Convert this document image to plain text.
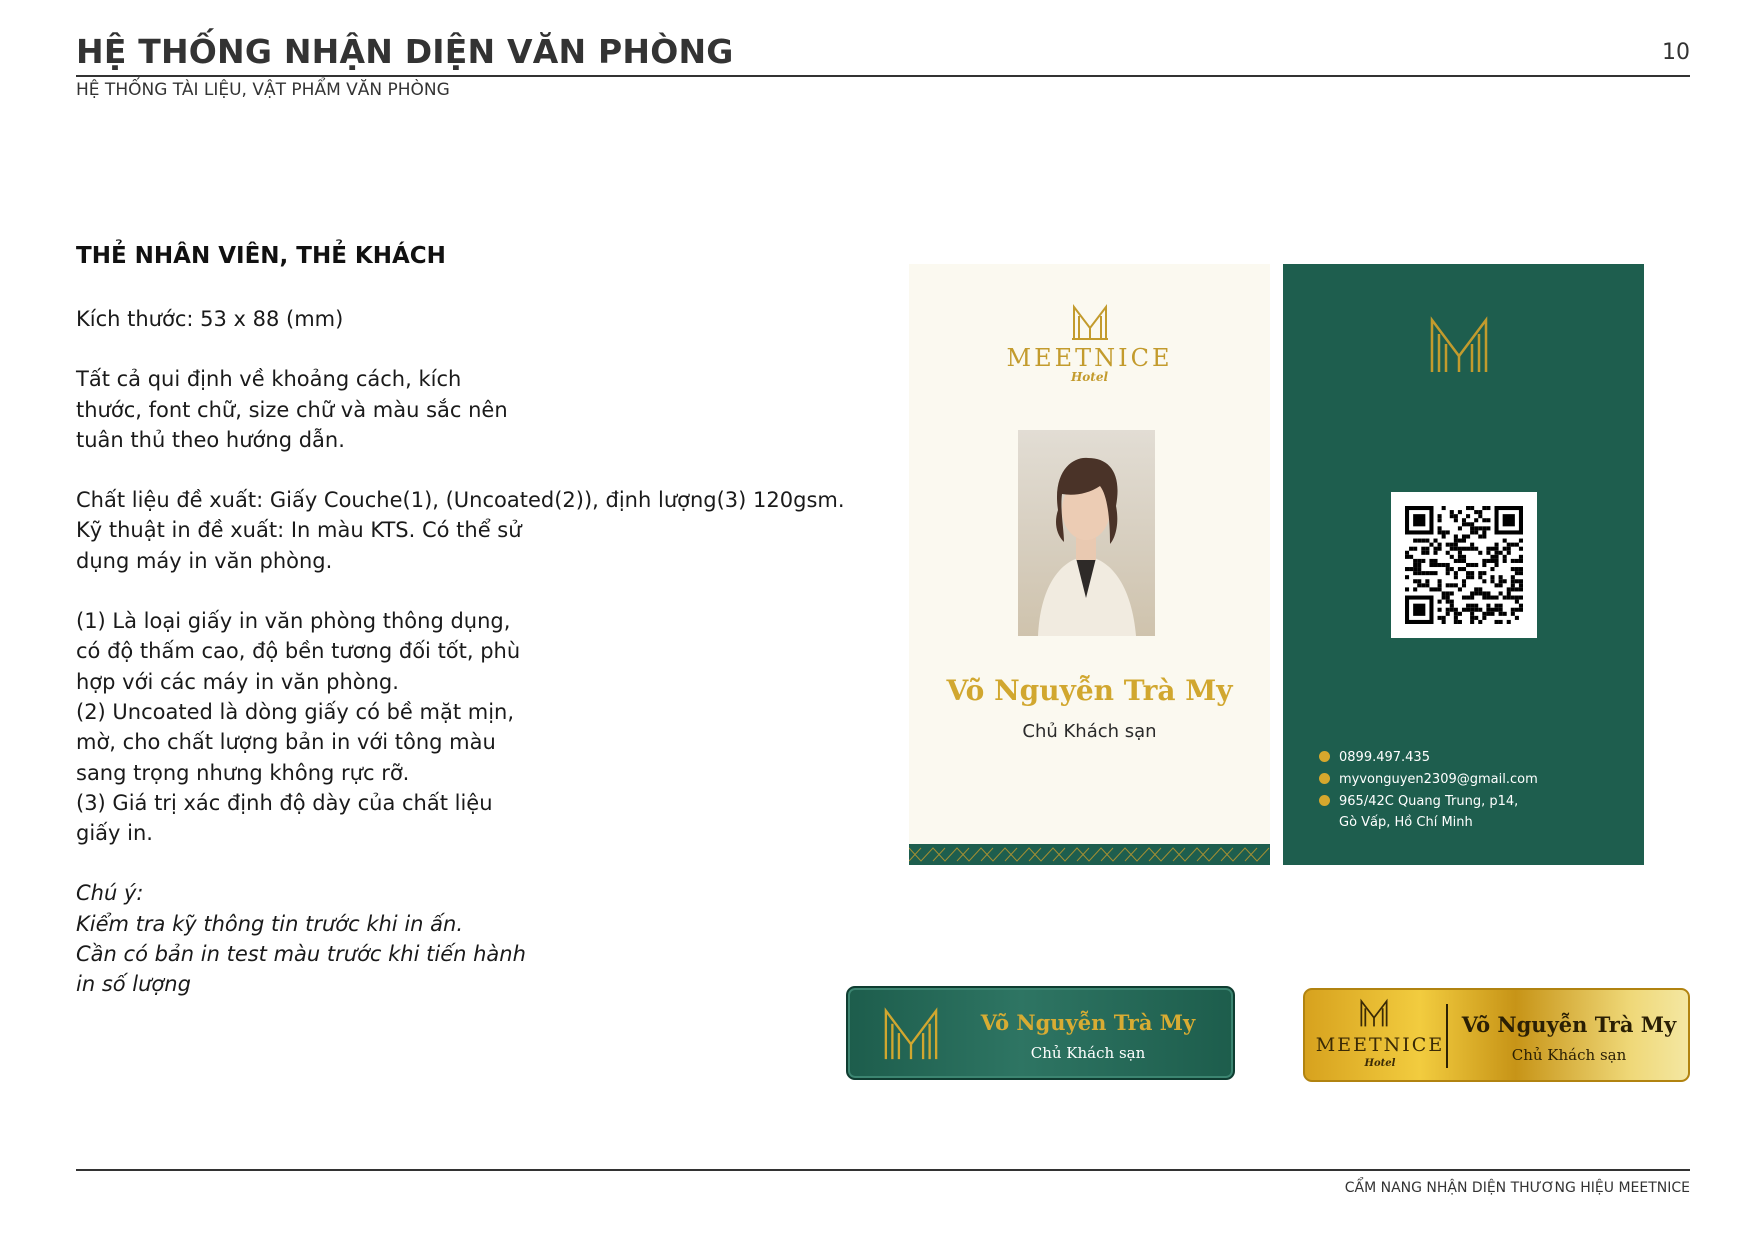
HỆ THỐNG NHẬN DIỆN VĂN PHÒNG
HỆ THỐNG TÀI LIỆU, VẬT PHẨM VĂN PHÒNG
10
THẺ NHÂN VIÊN, THẺ KHÁCH
Kích thước: 53 x 88 (mm)
Tất cả qui định về khoảng cách, kích
thước, font chữ, size chữ và màu sắc nên
tuân thủ theo hướng dẫn.
Chất liệu đề xuất: Giấy Couche(1), (Uncoated(2)), định lượng(3) 120gsm.
Kỹ thuật in đề xuất: In màu KTS. Có thể sử
dụng máy in văn phòng.
(1) Là loại giấy in văn phòng thông dụng,
có độ thấm cao, độ bền tương đối tốt, phù
hợp với các máy in văn phòng.
(2) Uncoated là dòng giấy có bề mặt mịn,
mờ, cho chất lượng bản in với tông màu
sang trọng nhưng không rực rỡ.
(3) Giá trị xác định độ dày của chất liệu
giấy in.
Chú ý:
Kiểm tra kỹ thông tin trước khi in ấn.
Cần có bản in test màu trước khi tiến hành
in số lượng
MEETNICE
Hotel
Võ Nguyễn Trà My
Chủ Khách sạn
0899.497.435
myvonguyen2309@gmail.com
965/42C Quang Trung, p14,
Gò Vấp, Hồ Chí Minh
Võ Nguyễn Trà My
Chủ Khách sạn	MEETNICE
Hotel
Võ Nguyễn Trà My
Chủ Khách sạn
CẨM NANG NHẬN DIỆN THƯƠNG HIỆU MEETNICE
